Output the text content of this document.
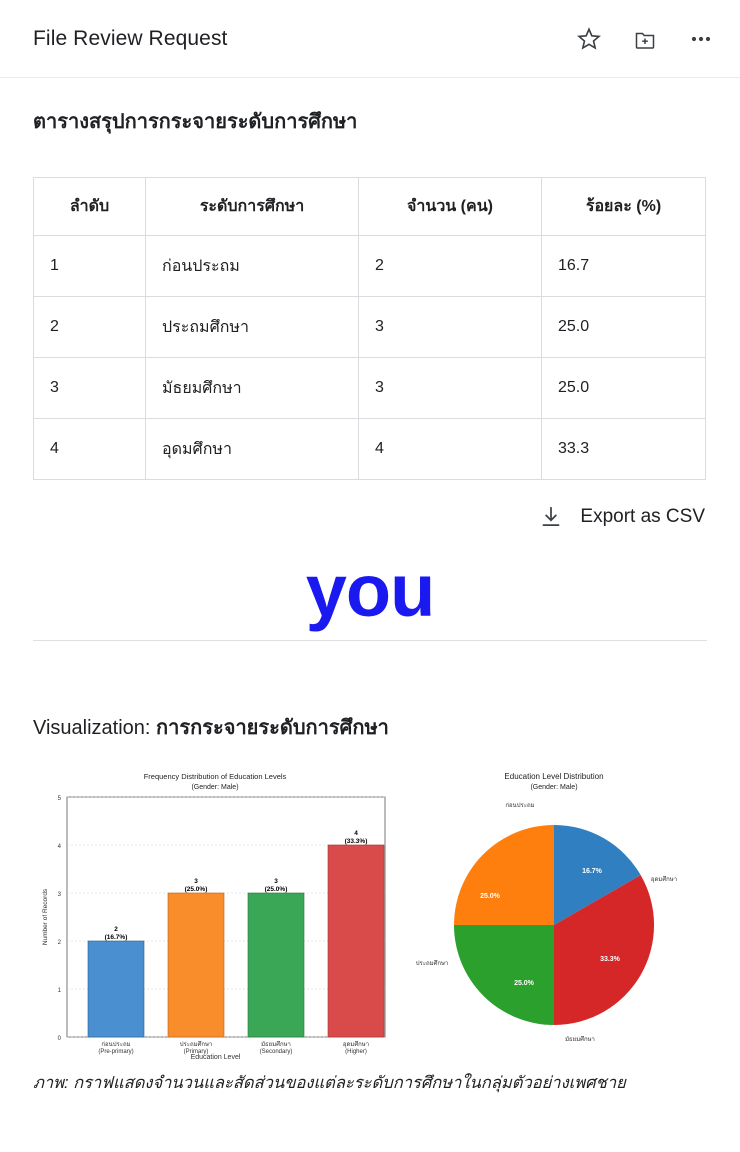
File Review Request
ตารางสรุปการกระจายระดับการศึกษา
ลำดับ	ระดับการศึกษา	จำนวน (คน)	ร้อยละ (%)
1	ก่อนประถม	2	16.7
2	ประถมศึกษา	3	25.0
3	มัธยมศึกษา	3	25.0
4	อุดมศึกษา	4	33.3
Export as CSV
you
Visualization: การกระจายระดับการศึกษา
Frequency Distribution of Education Levels
(Gender: Male)
0
1
2
3
4
5
Number of Records	2
(16.7%)
3
(25.0%)
3
(25.0%)
4
(33.3%)
ก่อนประถม
(Pre-primary)
ประถมศึกษา
(Primary)
มัธยมศึกษา
(Secondary)
อุดมศึกษา
(Higher)
Education Level
Education Level Distribution
(Gender: Male)
16.7%
33.3%
25.0%
25.0%
ก่อนประถม
อุดมศึกษา
มัธยมศึกษา
ประถมศึกษา
ภาพ: กราฟแสดงจำนวนและสัดส่วนของแต่ละระดับการศึกษาในกลุ่มตัวอย่างเพศชาย
